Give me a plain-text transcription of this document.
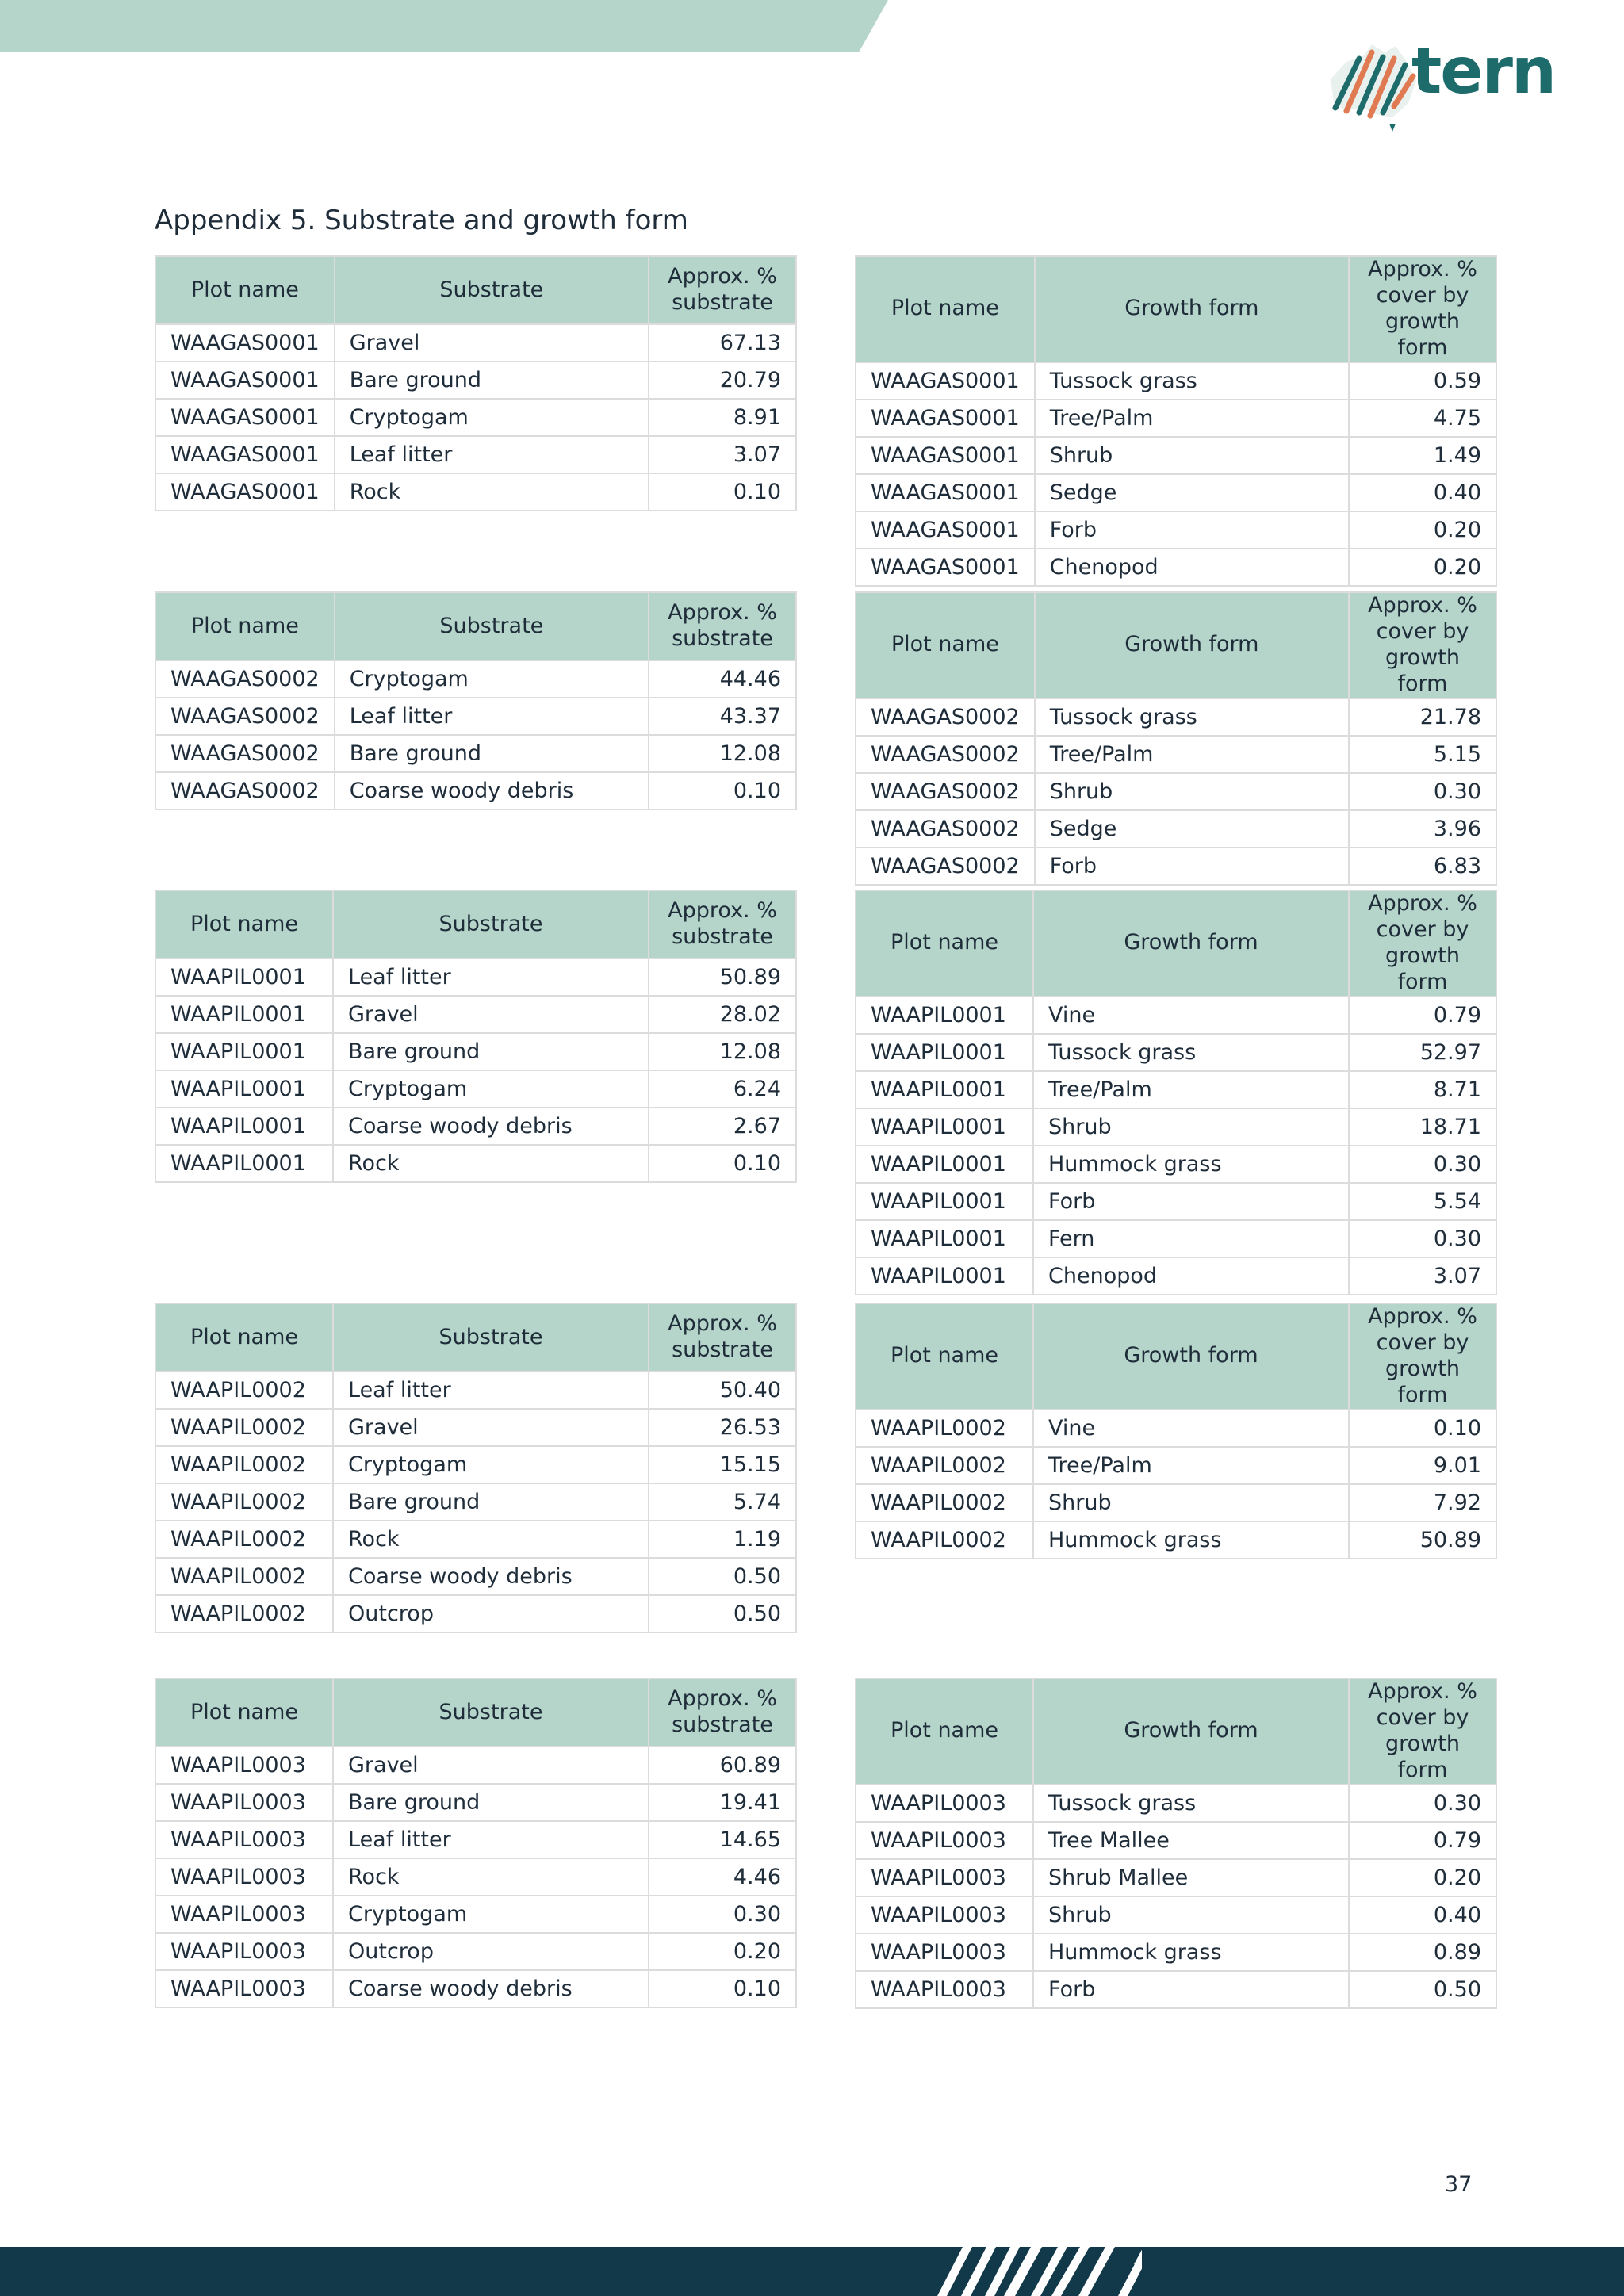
tern
Appendix 5. Substrate and growth form
Plot name	Substrate	Approx. % substrate
WAAGAS0001	Gravel	67.13
WAAGAS0001	Bare ground	20.79
WAAGAS0001	Cryptogam	8.91
WAAGAS0001	Leaf litter	3.07
WAAGAS0001	Rock	0.10
Plot name	Growth form	Approx. % cover by growth form
WAAGAS0001	Tussock grass	0.59
WAAGAS0001	Tree/Palm	4.75
WAAGAS0001	Shrub	1.49
WAAGAS0001	Sedge	0.40
WAAGAS0001	Forb	0.20
WAAGAS0001	Chenopod	0.20
Plot name	Substrate	Approx. % substrate
WAAGAS0002	Cryptogam	44.46
WAAGAS0002	Leaf litter	43.37
WAAGAS0002	Bare ground	12.08
WAAGAS0002	Coarse woody debris	0.10
Plot name	Growth form	Approx. % cover by growth form
WAAGAS0002	Tussock grass	21.78
WAAGAS0002	Tree/Palm	5.15
WAAGAS0002	Shrub	0.30
WAAGAS0002	Sedge	3.96
WAAGAS0002	Forb	6.83
Plot name	Substrate	Approx. % substrate
WAAPIL0001	Leaf litter	50.89
WAAPIL0001	Gravel	28.02
WAAPIL0001	Bare ground	12.08
WAAPIL0001	Cryptogam	6.24
WAAPIL0001	Coarse woody debris	2.67
WAAPIL0001	Rock	0.10
Plot name	Growth form	Approx. % cover by growth form
WAAPIL0001	Vine	0.79
WAAPIL0001	Tussock grass	52.97
WAAPIL0001	Tree/Palm	8.71
WAAPIL0001	Shrub	18.71
WAAPIL0001	Hummock grass	0.30
WAAPIL0001	Forb	5.54
WAAPIL0001	Fern	0.30
WAAPIL0001	Chenopod	3.07
Plot name	Substrate	Approx. % substrate
WAAPIL0002	Leaf litter	50.40
WAAPIL0002	Gravel	26.53
WAAPIL0002	Cryptogam	15.15
WAAPIL0002	Bare ground	5.74
WAAPIL0002	Rock	1.19
WAAPIL0002	Coarse woody debris	0.50
WAAPIL0002	Outcrop	0.50
Plot name	Growth form	Approx. % cover by growth form
WAAPIL0002	Vine	0.10
WAAPIL0002	Tree/Palm	9.01
WAAPIL0002	Shrub	7.92
WAAPIL0002	Hummock grass	50.89
Plot name	Substrate	Approx. % substrate
WAAPIL0003	Gravel	60.89
WAAPIL0003	Bare ground	19.41
WAAPIL0003	Leaf litter	14.65
WAAPIL0003	Rock	4.46
WAAPIL0003	Cryptogam	0.30
WAAPIL0003	Outcrop	0.20
WAAPIL0003	Coarse woody debris	0.10
Plot name	Growth form	Approx. % cover by growth form
WAAPIL0003	Tussock grass	0.30
WAAPIL0003	Tree Mallee	0.79
WAAPIL0003	Shrub Mallee	0.20
WAAPIL0003	Shrub	0.40
WAAPIL0003	Hummock grass	0.89
WAAPIL0003	Forb	0.50
37
